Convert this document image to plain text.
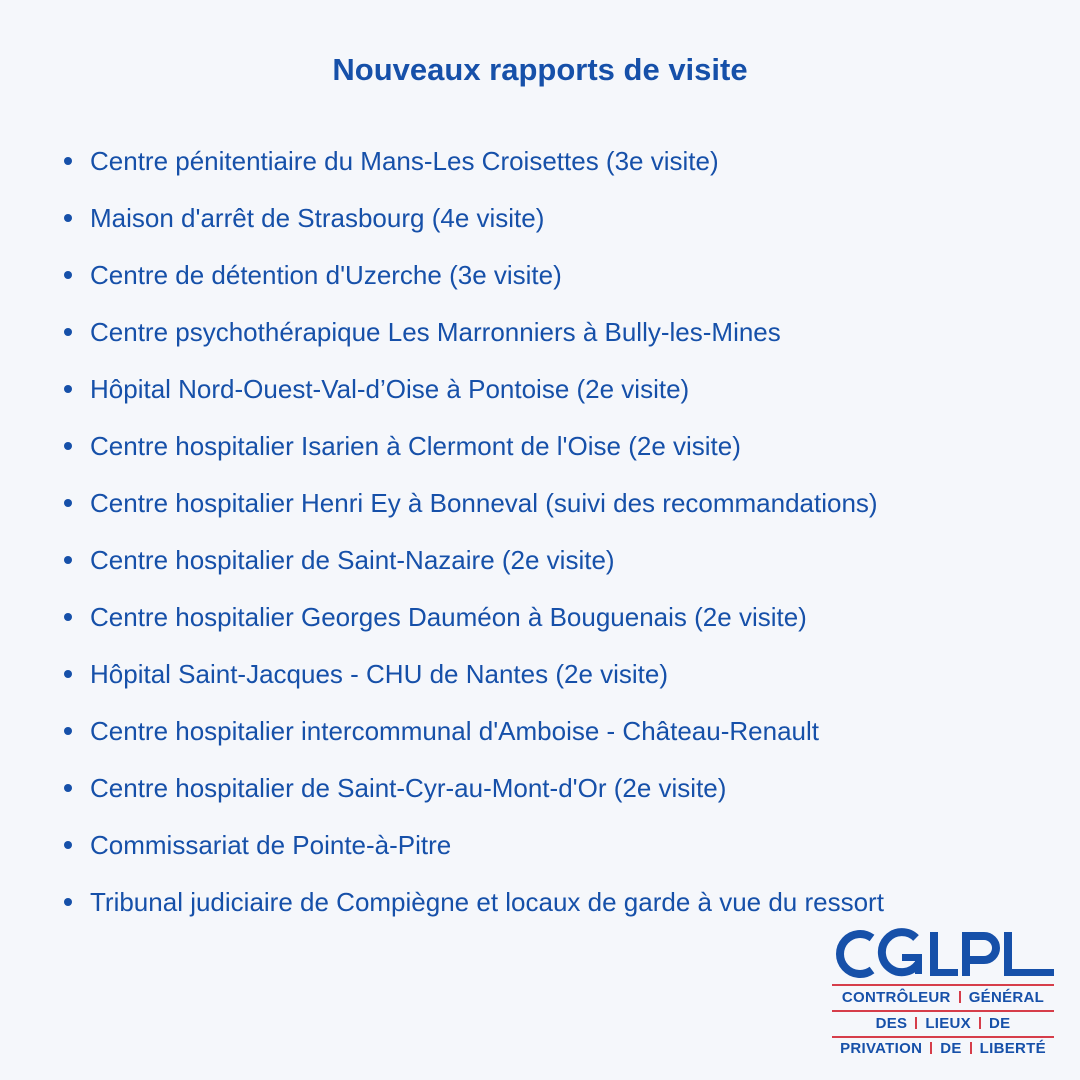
Nouveaux rapports de visite
Centre pénitentiaire du Mans-Les Croisettes (3e visite)
Maison d'arrêt de Strasbourg (4e visite)
Centre de détention d'Uzerche (3e visite)
Centre psychothérapique Les Marronniers à Bully-les-Mines
Hôpital Nord-Ouest-Val-d’Oise à Pontoise (2e visite)
Centre hospitalier Isarien à Clermont de l'Oise (2e visite)
Centre hospitalier Henri Ey à Bonneval (suivi des recommandations)
Centre hospitalier de Saint-Nazaire (2e visite)
Centre hospitalier Georges Dauméon à Bouguenais (2e visite)
Hôpital Saint-Jacques - CHU de Nantes (2e visite)
Centre hospitalier intercommunal d'Amboise - Château-Renault
Centre hospitalier de Saint-Cyr-au-Mont-d'Or (2e visite)
Commissariat de Pointe-à-Pitre
Tribunal judiciaire de Compiègne et locaux de garde à vue du ressort
CONTRÔLEUR GÉNÉRAL
DES LIEUX DE
PRIVATION DE LIBERTÉ
